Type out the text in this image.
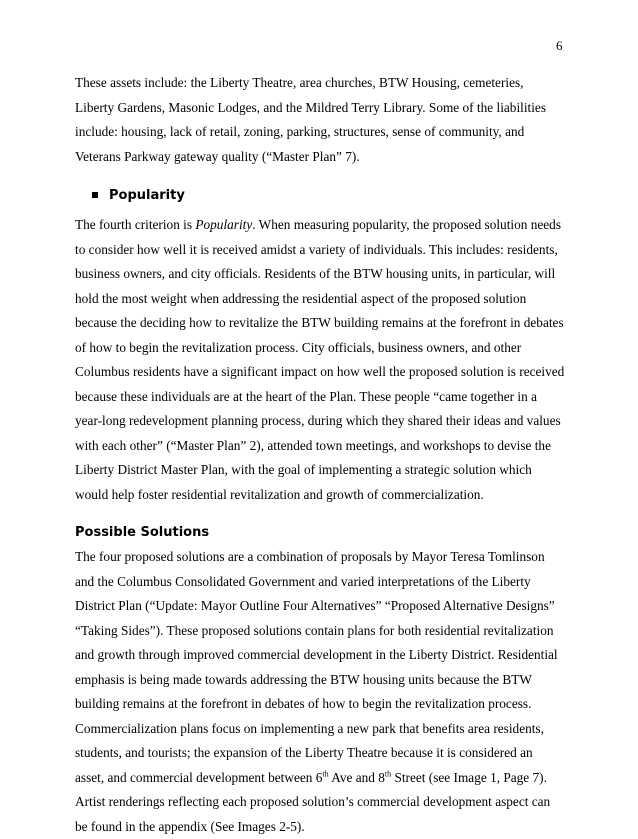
6

These assets include: the Liberty Theatre, area churches, BTW Housing, cemeteries, Liberty Gardens, Masonic Lodges, and the Mildred Terry Library. Some of the liabilities include: housing, lack of retail, zoning, parking, structures, sense of community, and Veterans Parkway gateway quality (“Master Plan” 7).

Popularity

The fourth criterion is Popularity. When measuring popularity, the proposed solution needs to consider how well it is received amidst a variety of individuals. This includes: residents, business owners, and city officials. Residents of the BTW housing units, in particular, will hold the most weight when addressing the residential aspect of the proposed solution because the deciding how to revitalize the BTW building remains at the forefront in debates of how to begin the revitalization process. City officials, business owners, and other Columbus residents have a significant impact on how well the proposed solution is received because these individuals are at the heart of the Plan. These people “came together in a year-long redevelopment planning process, during which they shared their ideas and values with each other” (“Master Plan” 2), attended town meetings, and workshops to devise the Liberty District Master Plan, with the goal of implementing a strategic solution which would help foster residential revitalization and growth of commercialization.

Possible Solutions

The four proposed solutions are a combination of proposals by Mayor Teresa Tomlinson and the Columbus Consolidated Government and varied interpretations of the Liberty District Plan (“Update: Mayor Outline Four Alternatives” “Proposed Alternative Designs” “Taking Sides”). These proposed solutions contain plans for both residential revitalization and growth through improved commercial development in the Liberty District. Residential emphasis is being made towards addressing the BTW housing units because the BTW building remains at the forefront in debates of how to begin the revitalization process. Commercialization plans focus on implementing a new park that benefits area residents, students, and tourists; the expansion of the Liberty Theatre because it is considered an asset, and commercial development between 6th Ave and 8th Street (see Image 1, Page 7). Artist renderings reflecting each proposed solution’s commercial development aspect can be found in the appendix (See Images 2-5).
